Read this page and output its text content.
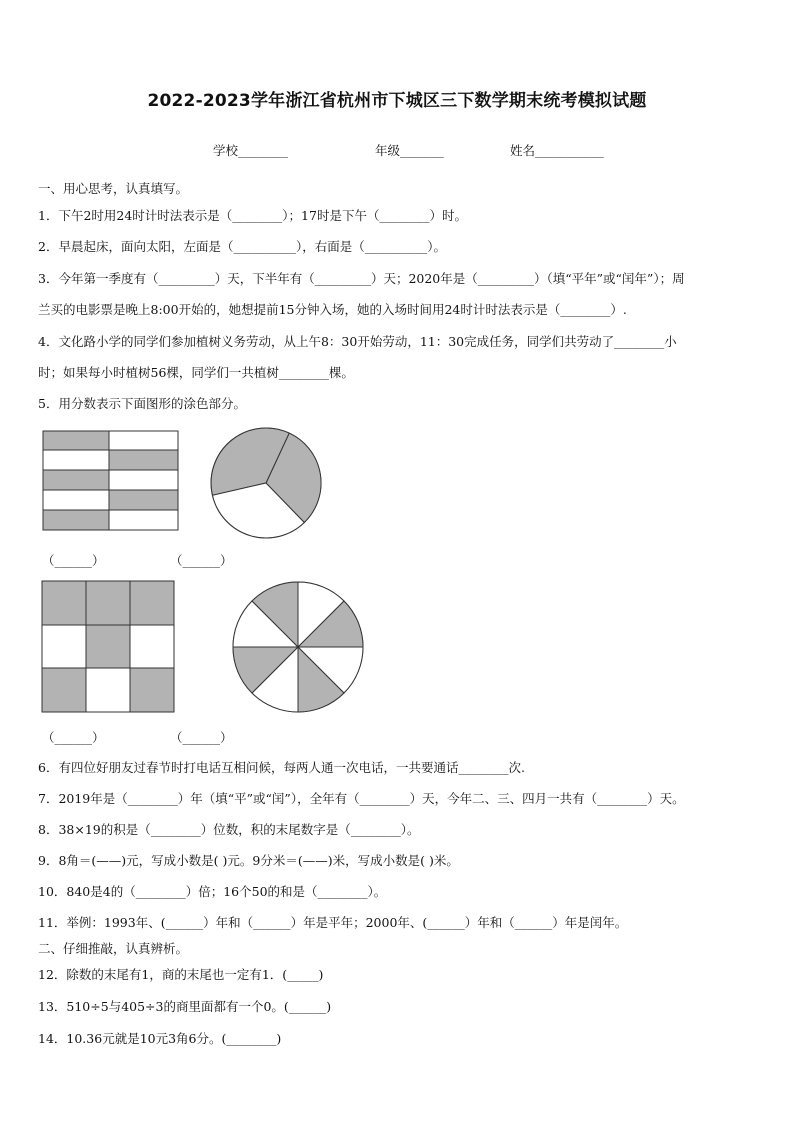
2022-2023学年浙江省杭州市下城区三下数学期末统考模拟试题
学校________	年级_______	姓名___________
一、用心思考，认真填写。
1．下午2时用24时计时法表示是（________）；17时是下午（________）时。
2．早晨起床，面向太阳，左面是（__________），右面是（__________）。
3．今年第一季度有（_________）天，下半年有（_________）天；2020年是（_________）（填“平年”或“闰年”）；周
兰买的电影票是晚上8:00开始的，她想提前15分钟入场，她的入场时间用24时计时法表示是（________）.
4．文化路小学的同学们参加植树义务劳动，从上午8：30开始劳动，11：30完成任务，同学们共劳动了________小
时；如果每小时植树56棵，同学们一共植树________棵。
5．用分数表示下面图形的涂色部分。
（______）	（______）
（______）	（______）
6．有四位好朋友过春节时打电话互相问候，每两人通一次电话，一共要通话________次.
7．2019年是（________）年（填“平”或“闰”），全年有（________）天，今年二、三、四月一共有（________）天。
8．38×19的积是（________）位数，积的末尾数字是（________）。
9．8角＝(——)元，写成小数是( )元。9分米＝(——)米，写成小数是( )米。
10．840是4的（________）倍；16个50的和是（________）。
11．举例：1993年、(______）年和（______）年是平年；2000年、(______）年和（______）年是闰年。
二、仔细推敲，认真辨析。
12．除数的末尾有1，商的末尾也一定有1．(_____)
13．510÷5与405÷3的商里面都有一个0。(______)
14．10.36元就是10元3角6分。(________)
